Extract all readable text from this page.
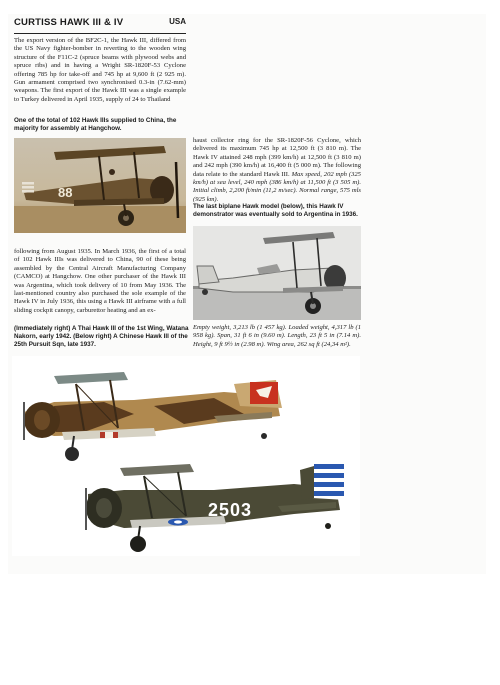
CURTISS HAWK III & IV	USA
The export version of the BF2C-1, the Hawk III, differed from the US Navy fighter-bomber in reverting to the wooden wing structure of the F11C-2 (spruce beams with plywood webs and spruce ribs) and in having a Wright SR-1820F-53 Cyclone offering 785 hp for take-off and 745 hp at 9,600 ft (2 925 m). Gun armament comprised two synchronised 0.3-in (7.62-mm) weapons. The first export of the Hawk III was a single example to Turkey delivered in April 1935, supply of 24 to Thailand
One of the total of 102 Hawk IIIs supplied to China, the majority for assembly at Hangchow.
88
following from August 1935. In March 1936, the first of a total of 102 Hawk IIIs was delivered to China, 90 of these being assembled by the Central Aircraft Manufacturing Company (CAMCO) at Hangchow. One other purchaser of the Hawk III was Argentina, which took delivery of 10 from May 1936. The last-mentioned country also purchased the sole example of the Hawk IV in July 1936, this using a Hawk III airframe with a full sliding cockpit canopy, carburettor heating and an ex-
haust collector ring for the SR-1820F-56 Cyclone, which delivered its maximum 745 hp at 12,500 ft (3 810 m). The Hawk IV attained 248 mph (399 km/h) at 12,500 ft (3 810 m) and 242 mph (390 km/h) at 16,400 ft (5 000 m). The following data relate to the standard Hawk III. Max speed, 202 mph (325 km/h) at sea level, 240 mph (386 km/h) at 11,500 ft (3 505 m). Initial climb, 2,200 ft/min (11,2 m/sec). Normal range, 575 mls (925 km).
The last biplane Hawk model (below), this Hawk IV demonstrator was eventually sold to Argentina in 1936.
(Immediately right) A Thai Hawk III of the 1st Wing, Watana Nakorn, early 1942. (Below right) A Chinese Hawk III of the 25th Pursuit Sqn, late 1937.
Empty weight, 3,213 lb (1 457 kg). Loaded weight, 4,317 lb (1 958 kg). Span, 31 ft 6 in (9.60 m). Length, 23 ft 5 in (7.14 m). Height, 9 ft 9½ in (2.98 m). Wing area, 262 sq ft (24,34 m²).
2503
